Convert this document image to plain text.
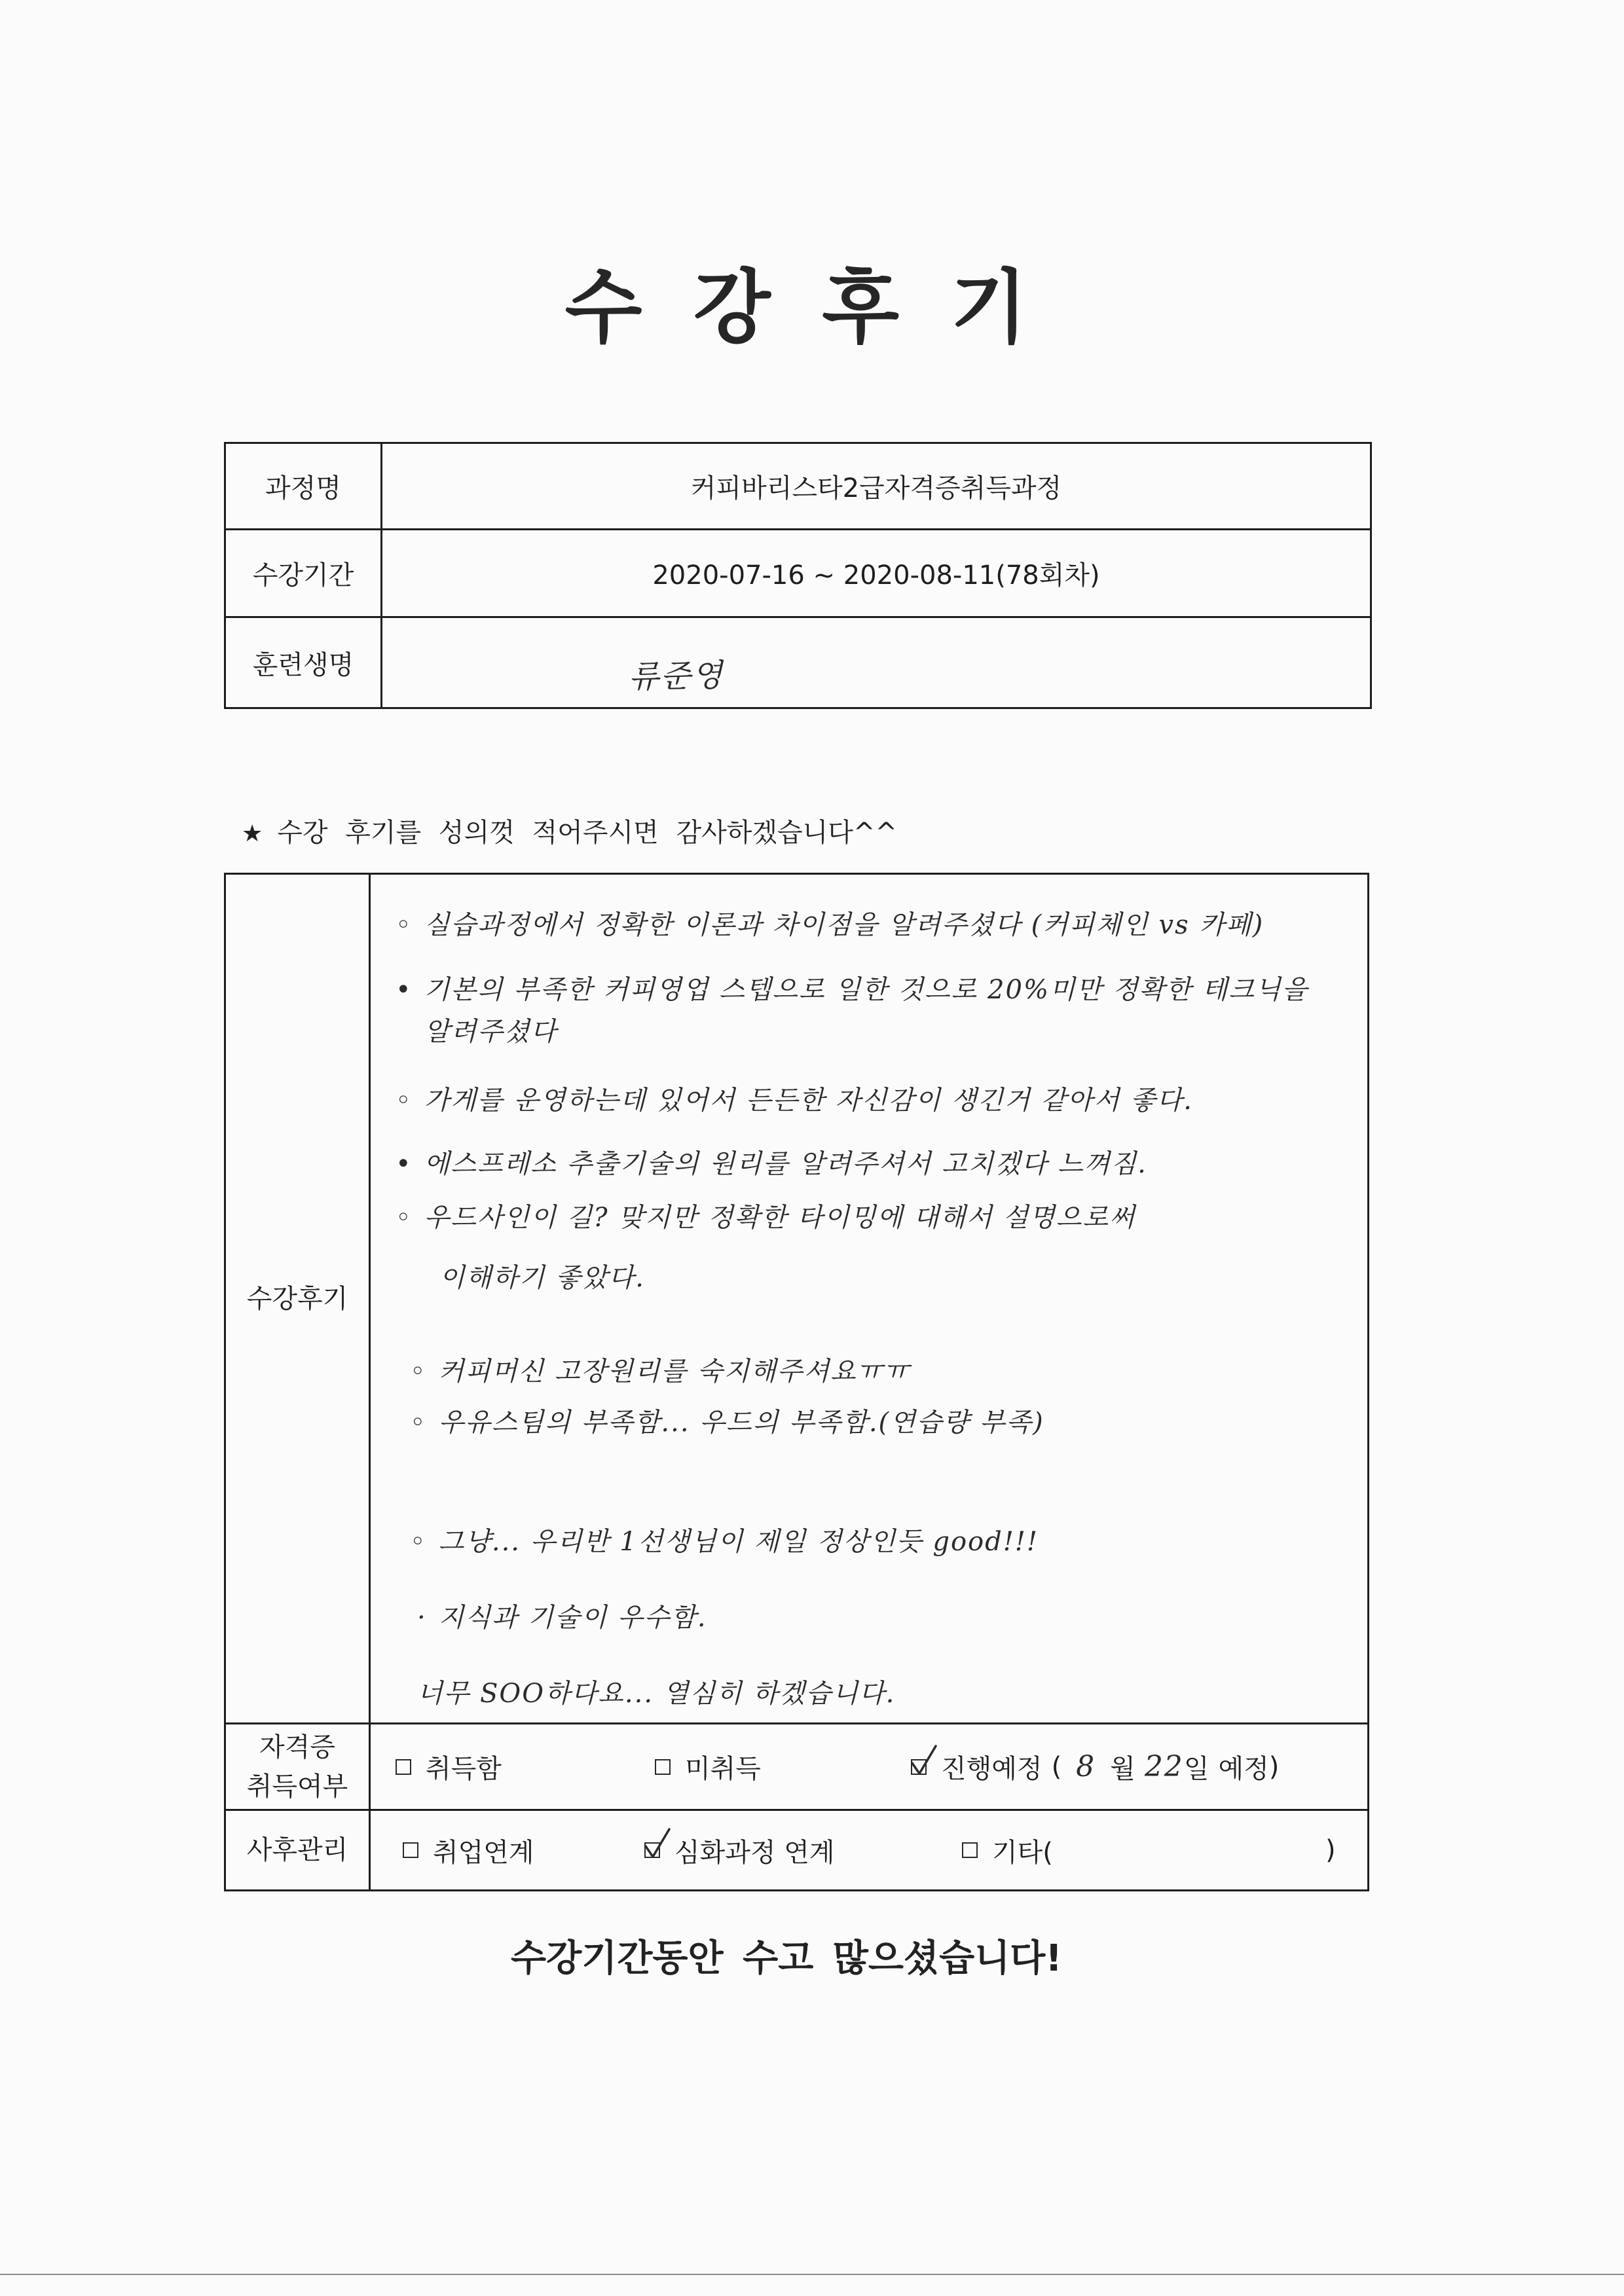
수 강 후 기
과정명	커피바리스타2급자격증취득과정
수강기간	2020-07-16 ~ 2020-08-11(78회차)
훈련생명	류준영
★ 수강 후기를 성의껏 적어주시면 감사하겠습니다^^
수강후기
◦ 실습과정에서 정확한 이론과 차이점을 알려주셨다 (커피체인 vs 카페)
• 기본의 부족한 커피영업 스텝으로 일한 것으로 20%미만 정확한 테크닉을
알려주셨다
◦ 가게를 운영하는데 있어서 든든한 자신감이 생긴거 같아서 좋다.
• 에스프레소 추출기술의 원리를 알려주셔서 고치겠다 느껴짐.
◦ 우드사인이 길? 맞지만 정확한 타이밍에 대해서 설명으로써
이해하기 좋았다.
◦ 커피머신 고장원리를 숙지해주셔요ㅠㅠ
◦ 우유스팀의 부족함... 우드의 부족함.(연습량 부족)
◦ 그냥... 우리반 1선생님이 제일 정상인듯 good!!!
· 지식과 기술이 우수함.
너무 SOO하다요... 열심히 하겠습니다.
자격증
취득여부
취득함	미취득	진행예정 ( 8 월 22 일 예정 )
사후관리	취업연계	심화과정 연계	기타(	)
수강기간동안 수고 많으셨습니다!
